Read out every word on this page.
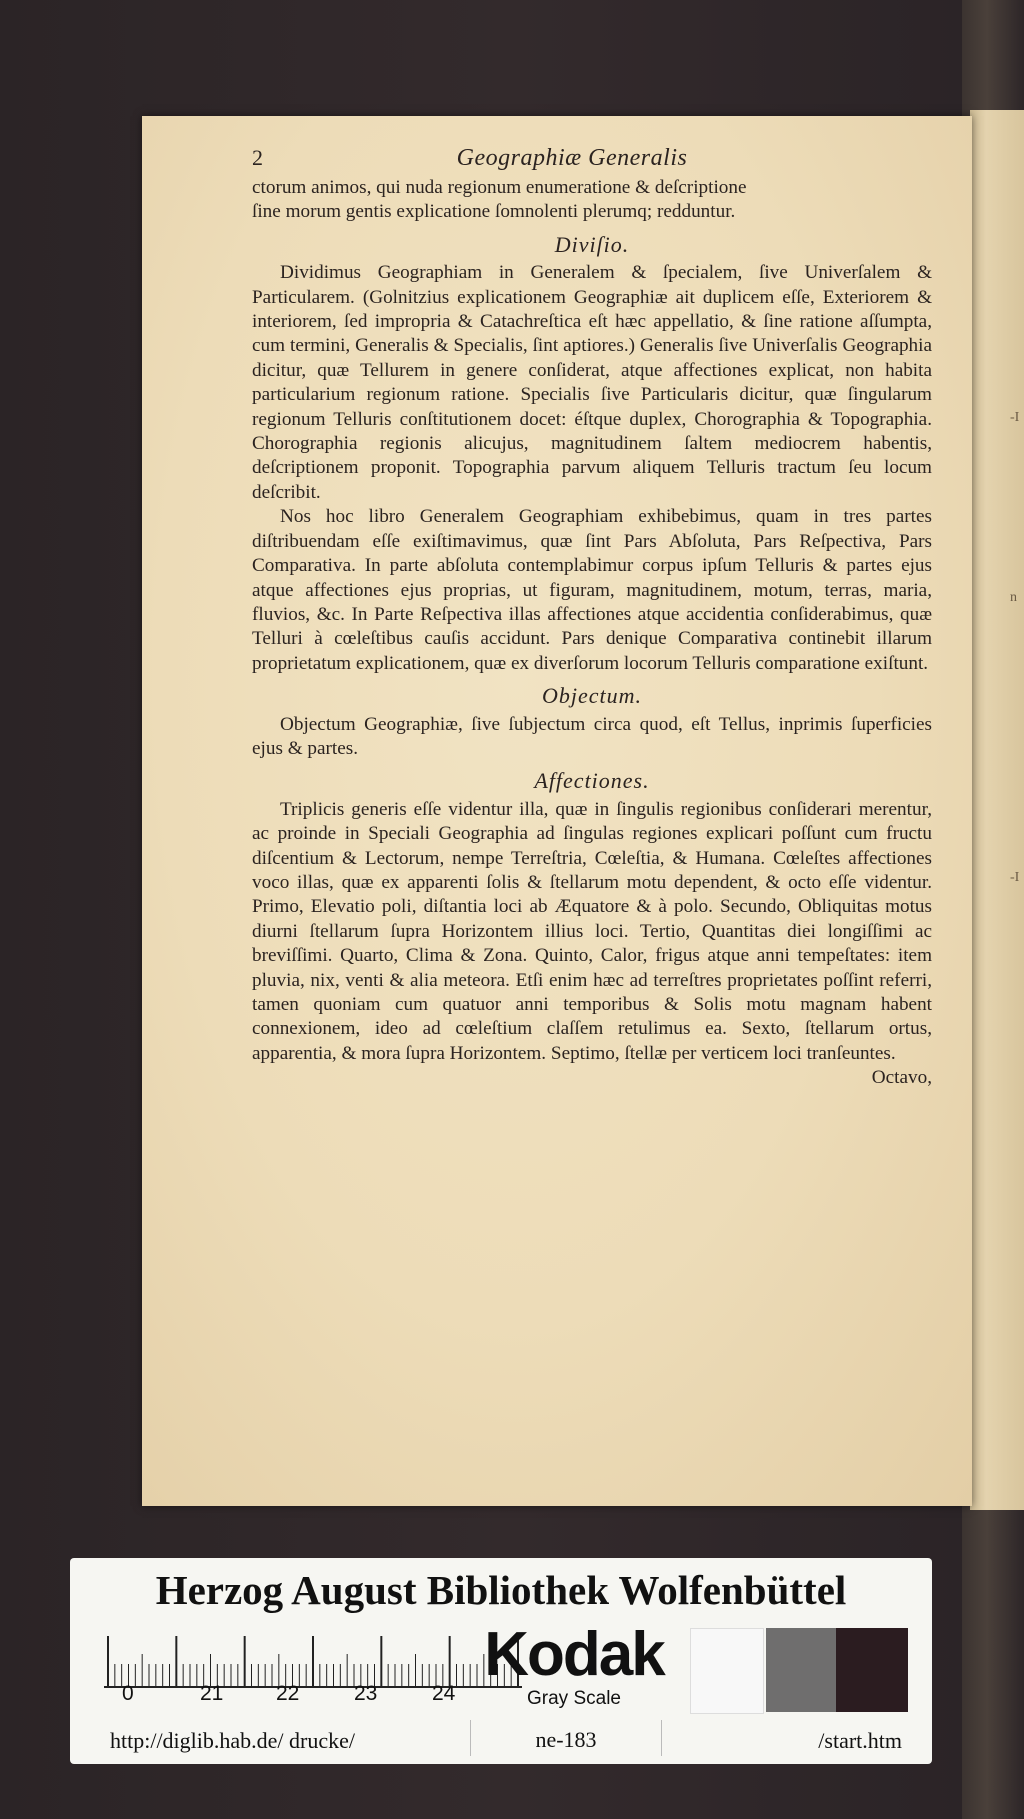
-I
n
-I
2	Geographiæ Generalis

ctorum animos, qui nuda regionum enumeratione & deſcriptione

ſine morum gentis explicatione ſomnolenti plerumq; redduntur.

Diviſio.

Dividimus Geographiam in Generalem & ſpecialem, ſive Univerſalem & Particularem. (Golnitzius explicationem Geographiæ ait duplicem eſſe, Exteriorem & interiorem, ſed impropria & Catachreſtica eſt hæc appellatio, & ſine ratione aſſumpta, cum termini, Generalis & Specialis, ſint aptiores.) Generalis ſive Univerſalis Geographia dicitur, quæ Tellurem in genere conſiderat, atque affectiones explicat, non habita particularium regionum ratione. Specialis ſive Particularis dicitur, quæ ſingularum regionum Telluris conſtitutionem docet: éſtque duplex, Chorographia & Topographia. Chorographia regionis alicujus, magnitudinem ſaltem mediocrem habentis, deſcriptionem proponit. Topographia parvum aliquem Telluris tractum ſeu locum deſcribit.

Nos hoc libro Generalem Geographiam exhibebimus, quam in tres partes diſtribuendam eſſe exiſtimavimus, quæ ſint Pars Abſoluta, Pars Reſpectiva, Pars Comparativa. In parte abſoluta contemplabimur corpus ipſum Telluris & partes ejus atque affectiones ejus proprias, ut figuram, magnitudinem, motum, terras, maria, fluvios, &c. In Parte Reſpectiva illas affectiones atque accidentia conſiderabimus, quæ Telluri à cœleſtibus cauſis accidunt. Pars denique Comparativa continebit illarum proprietatum explicationem, quæ ex diverſorum locorum Telluris comparatione exiſtunt.

Objectum.

Objectum Geographiæ, ſive ſubjectum circa quod, eſt Tellus, inprimis ſuperficies ejus & partes.

Affectiones.

Triplicis generis eſſe videntur illa, quæ in ſingulis regionibus conſiderari merentur, ac proinde in Speciali Geographia ad ſingulas regiones explicari poſſunt cum fructu diſcentium & Lectorum, nempe Terreſtria, Cœleſtia, & Humana. Cœleſtes affectiones voco illas, quæ ex apparenti ſolis & ſtellarum motu dependent, & octo eſſe videntur. Primo, Elevatio poli, diſtantia loci ab Æquatore & à polo. Secundo, Obliquitas motus diurni ſtellarum ſupra Horizontem illius loci. Tertio, Quantitas diei longiſſimi ac breviſſimi. Quarto, Clima & Zona. Quinto, Calor, frigus atque anni tempeſtates: item pluvia, nix, venti & alia meteora. Etſi enim hæc ad terreſtres proprietates poſſint referri, tamen quoniam cum quatuor anni temporibus & Solis motu magnam habent connexionem, ideo ad cœleſtium claſſem retulimus ea. Sexto, ſtellarum ortus, apparentia, & mora ſupra Horizontem. Septimo, ſtellæ per verticem loci tranſeuntes.

Octavo,
Herzog August Bibliothek Wolfenbüttel
0	21	22	23	24
Kodak
Gray Scale
http://diglib.hab.de/ drucke/	ne-183	/start.htm
